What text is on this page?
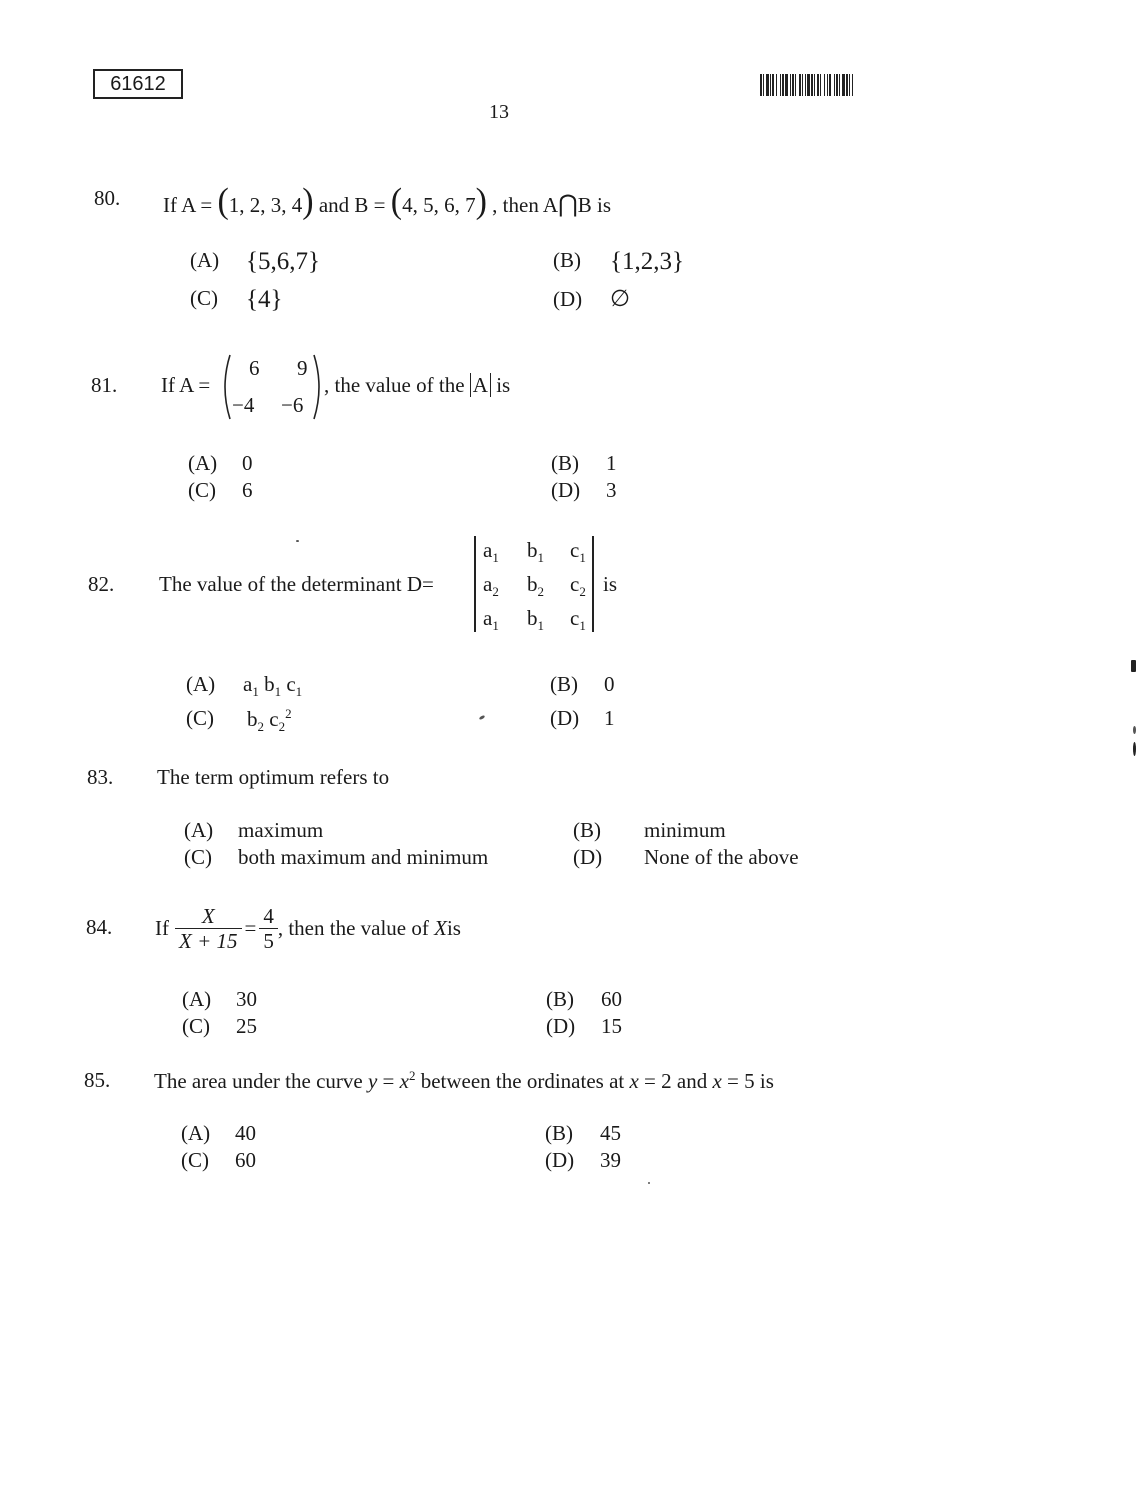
61612
13
80. If A = (1, 2, 3, 4) and B = (4, 5, 6, 7) , then A⋂B is
(A) {5,6,7}	(B) {1,2,3}
(C) {4}	(D) ∅
81. If A =
6 9
−4 −6
, the value of the A is
(A) 0	(B) 1
(C) 6	(D) 3
82. The value of the determinant D=
$a_1$ $b_1$ $c_1$
$a_2$ $b_2$ $c_2$
$a_1$ $b_1$ $c_1$
is
(A) $a_1$ $b_1$ $c_1$	(B) 0
(C) $b_2$ $c_2^2$	(D) 1
83. The term optimum refers to
(A) maximum	(B) minimum
(C) both maximum and minimum	(D) None of the above
84. If $\frac{X}{X + 15} = \frac{4}{5}$ , then the value of
X is
(A) 30	(B) 60
(C) 25	(D) 15
85. The area under the curve $y = x^2$ between the ordinates at x = 2 and x = 5 is
(A) 40	(B) 45
(C) 60	(D) 39
